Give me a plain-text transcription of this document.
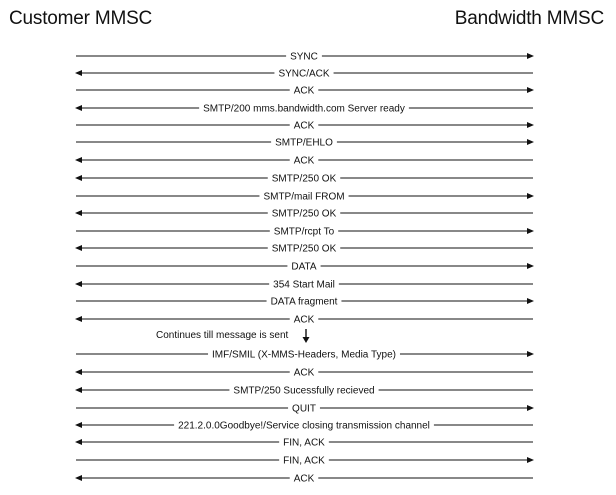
Customer MMSC	Bandwidth MMSC
SYNC
SYNC/ACK
ACK
SMTP/200 mms.bandwidth.com Server ready
ACK
SMTP/EHLO
ACK
SMTP/250 OK
SMTP/mail FROM
SMTP/250 OK
SMTP/rcpt To
SMTP/250 OK
DATA
354 Start Mail
DATA fragment
ACK
IMF/SMIL (X-MMS-Headers, Media Type)
ACK
SMTP/250 Sucessfully recieved
QUIT
221.2.0.0Goodbye!/Service closing transmission channel
FIN, ACK
FIN, ACK
ACK
Continues till message is sent
